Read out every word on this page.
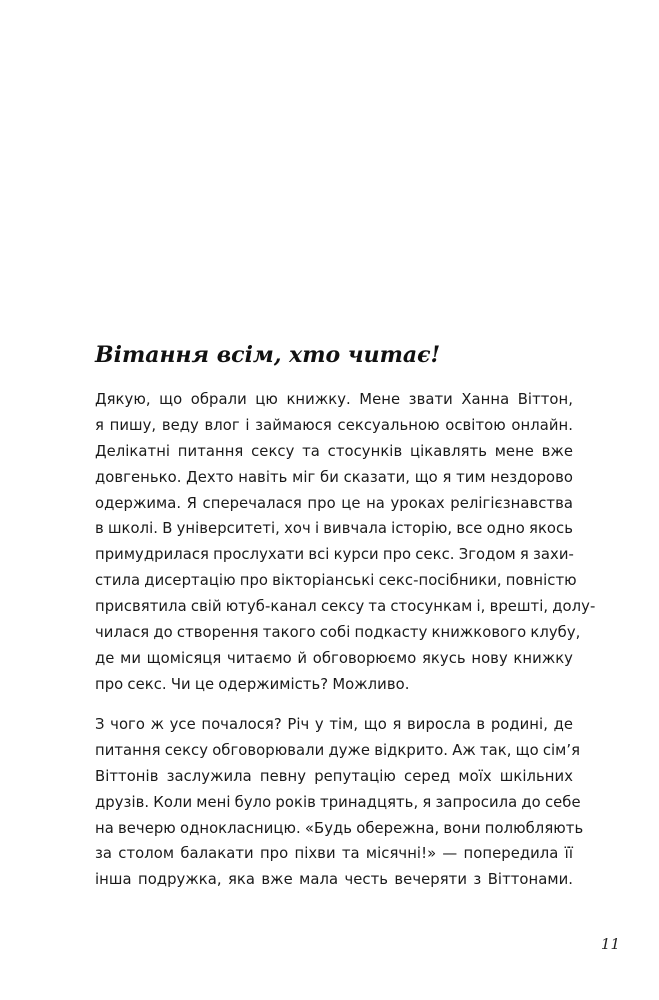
Вітання всім, хто читає!

Дякую, що обрали цю книжку. Мене звати Ханна Віттон,
я пишу, веду влог і займаюся сексуальною освітою онлайн.
Делікатні питання сексу та стосунків цікавлять мене вже
довгенько. Дехто навіть міг би сказати, що я тим нездорово
одержима. Я сперечалася про це на уроках релігієзнавства
в школі. В університеті, хоч і вивчала історію, все одно якось
примудрилася прослухати всі курси про секс. Згодом я захи-
стила дисертацію про вікторіанські секс-посібники, повністю
присвятила свій ютуб-канал сексу та стосункам і, врешті, долу-
чилася до створення такого собі подкасту книжкового клубу,
де ми щомісяця читаємо й обговорюємо якусь нову книжку
про секс. Чи це одержимість? Можливо.

З чого ж усе почалося? Річ у тім, що я виросла в родині, де
питання сексу обговорювали дуже відкрито. Аж так, що сім’я
Віттонів заслужила певну репутацію серед моїх шкільних
друзів. Коли мені було років тринадцять, я запросила до себе
на вечерю однокласницю. «Будь обережна, вони полюбляють
за столом балакати про піхви та місячні!» — попередила її
інша подружка, яка вже мала честь вечеряти з Віттонами.

11
